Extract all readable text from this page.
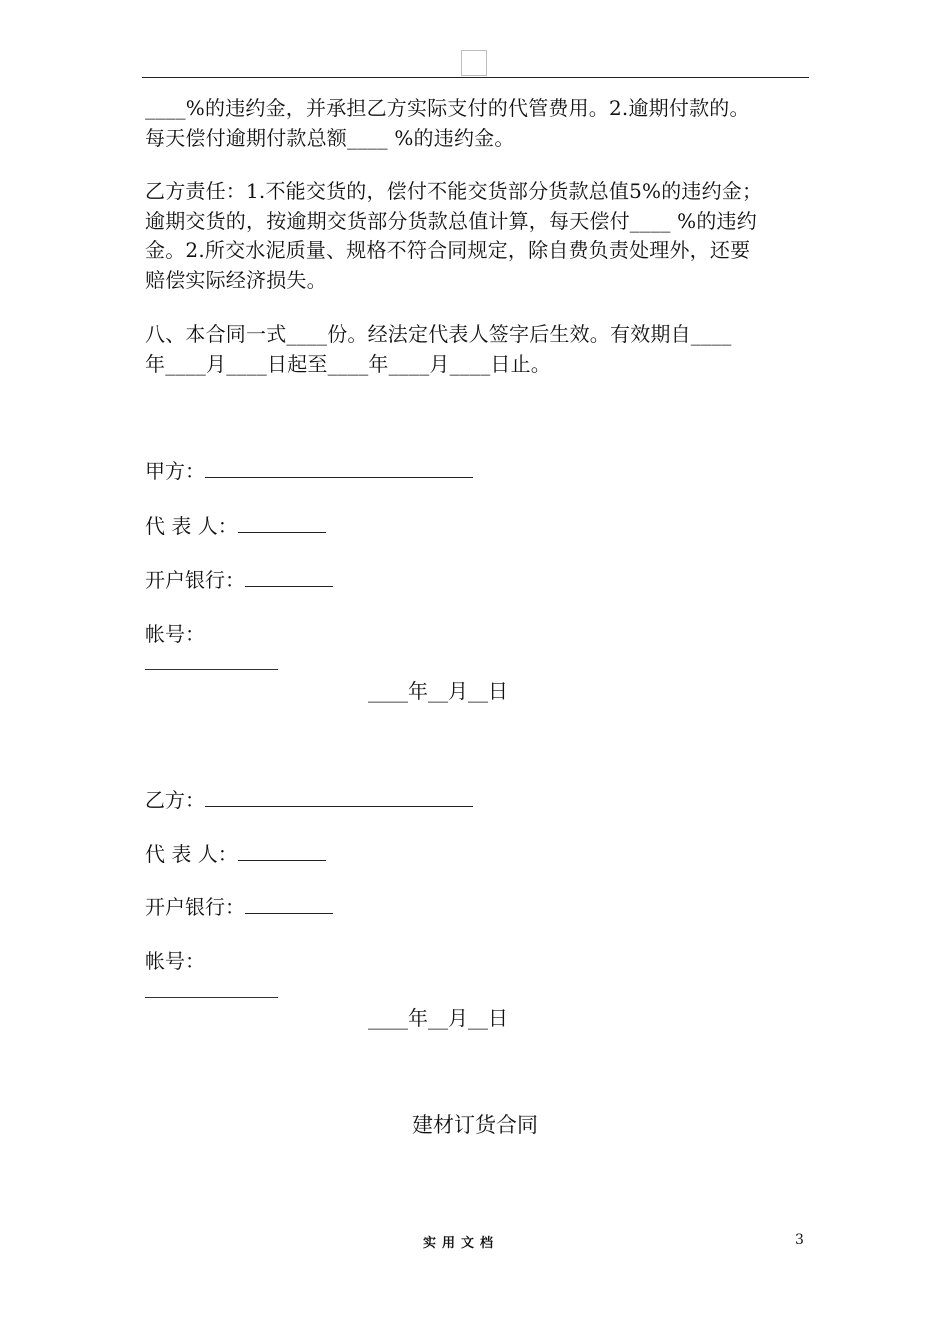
____%的违约金，并承担乙方实际支付的代管费用。2.逾期付款的。
每天偿付逾期付款总额____ %的违约金。
乙方责任：1.不能交货的，偿付不能交货部分货款总值5%的违约金；
逾期交货的，按逾期交货部分货款总值计算，每天偿付____ %的违约
金。2.所交水泥质量、规格不符合同规定，除自费负责处理外，还要
赔偿实际经济损失。
八、本合同一式____份。经法定代表人签字后生效。有效期自____
年____月____日起至____年____月____日止。
甲方：
代 表 人：
开户银行：
帐号：
____年__月__日
乙方：
代 表 人：
开户银行：
帐号：
____年__月__日
建材订货合同
实用文档	3
